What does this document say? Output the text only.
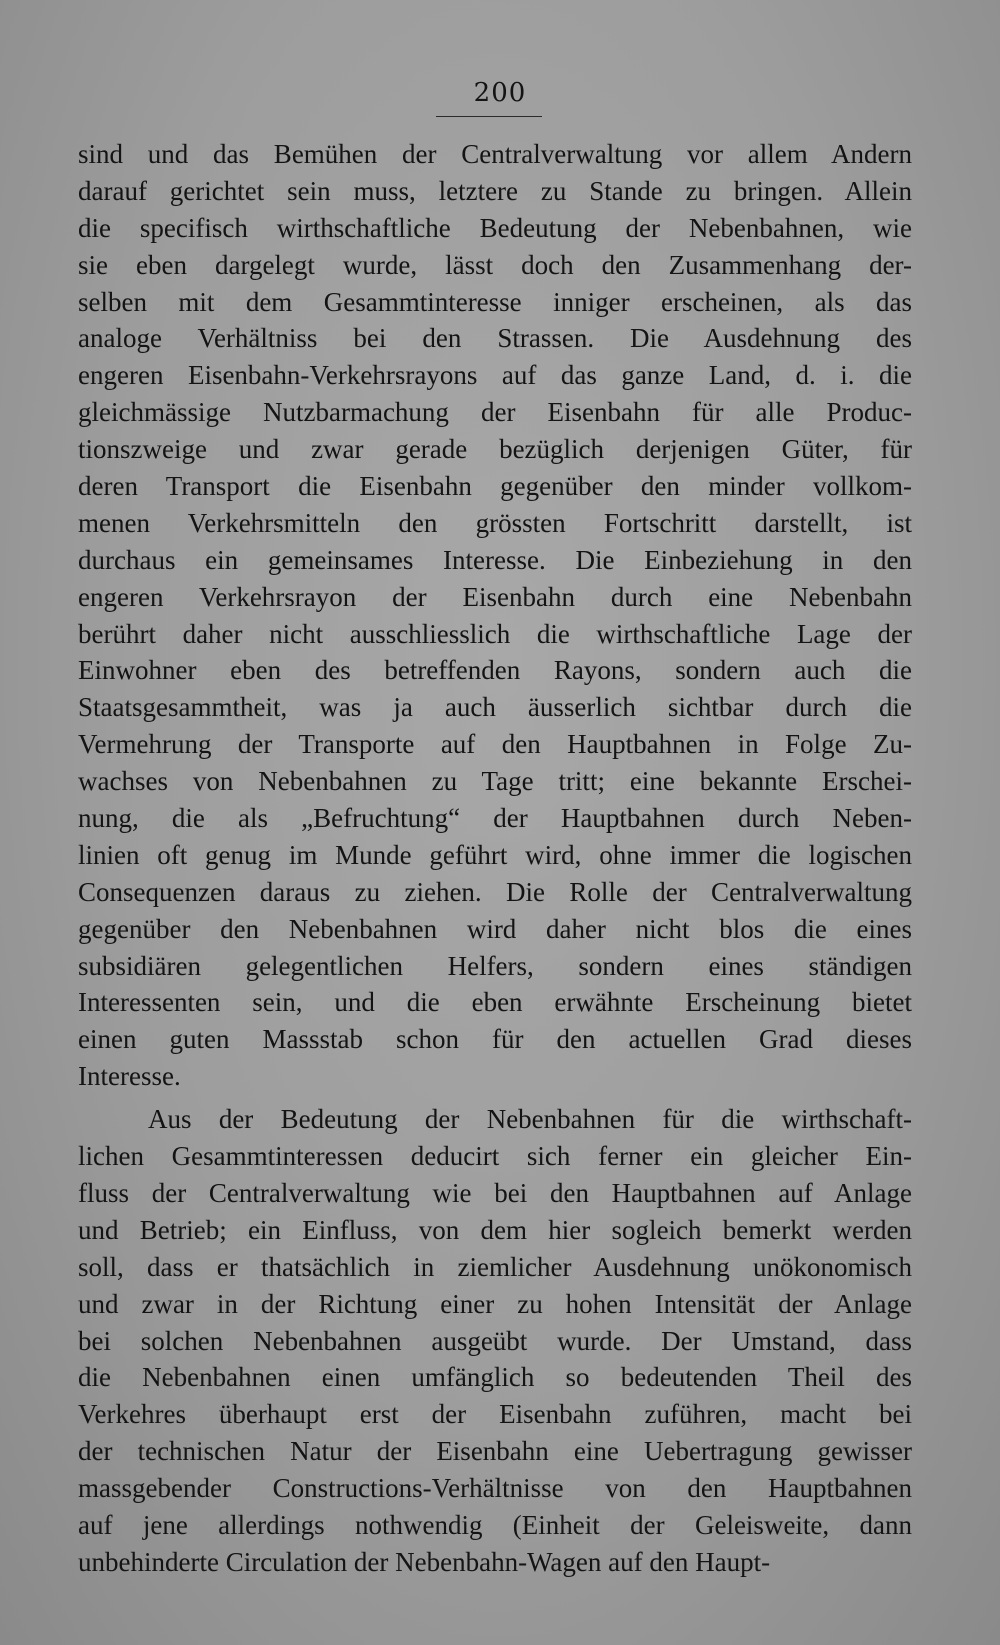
200
sind und das Bemühen der Centralverwaltung vor allem Andern
darauf gerichtet sein muss, letztere zu Stande zu bringen. Allein
die specifisch wirthschaftliche Bedeutung der Nebenbahnen, wie
sie eben dargelegt wurde, lässt doch den Zusammenhang der-
selben mit dem Gesammtinteresse inniger erscheinen, als das
analoge Verhältniss bei den Strassen. Die Ausdehnung des
engeren Eisenbahn-Verkehrsrayons auf das ganze Land, d. i. die
gleichmässige Nutzbarmachung der Eisenbahn für alle Produc-
tionszweige und zwar gerade bezüglich derjenigen Güter, für
deren Transport die Eisenbahn gegenüber den minder vollkom-
menen Verkehrsmitteln den grössten Fortschritt darstellt, ist
durchaus ein gemeinsames Interesse. Die Einbeziehung in den
engeren Verkehrsrayon der Eisenbahn durch eine Nebenbahn
berührt daher nicht ausschliesslich die wirthschaftliche Lage der
Einwohner eben des betreffenden Rayons, sondern auch die
Staatsgesammtheit, was ja auch äusserlich sichtbar durch die
Vermehrung der Transporte auf den Hauptbahnen in Folge Zu-
wachses von Nebenbahnen zu Tage tritt; eine bekannte Erschei-
nung, die als „Befruchtung“ der Hauptbahnen durch Neben-
linien oft genug im Munde geführt wird, ohne immer die logischen
Consequenzen daraus zu ziehen. Die Rolle der Centralverwaltung
gegenüber den Nebenbahnen wird daher nicht blos die eines
subsidiären gelegentlichen Helfers, sondern eines ständigen
Interessenten sein, und die eben erwähnte Erscheinung bietet
einen guten Massstab schon für den actuellen Grad dieses
Interesse.
Aus der Bedeutung der Nebenbahnen für die wirthschaft-
lichen Gesammtinteressen deducirt sich ferner ein gleicher Ein-
fluss der Centralverwaltung wie bei den Hauptbahnen auf Anlage
und Betrieb; ein Einfluss, von dem hier sogleich bemerkt werden
soll, dass er thatsächlich in ziemlicher Ausdehnung unökonomisch
und zwar in der Richtung einer zu hohen Intensität der Anlage
bei solchen Nebenbahnen ausgeübt wurde. Der Umstand, dass
die Nebenbahnen einen umfänglich so bedeutenden Theil des
Verkehres überhaupt erst der Eisenbahn zuführen, macht bei
der technischen Natur der Eisenbahn eine Uebertragung gewisser
massgebender Constructions-Verhältnisse von den Hauptbahnen
auf jene allerdings nothwendig (Einheit der Geleisweite, dann
unbehinderte Circulation der Nebenbahn-Wagen auf den Haupt-
